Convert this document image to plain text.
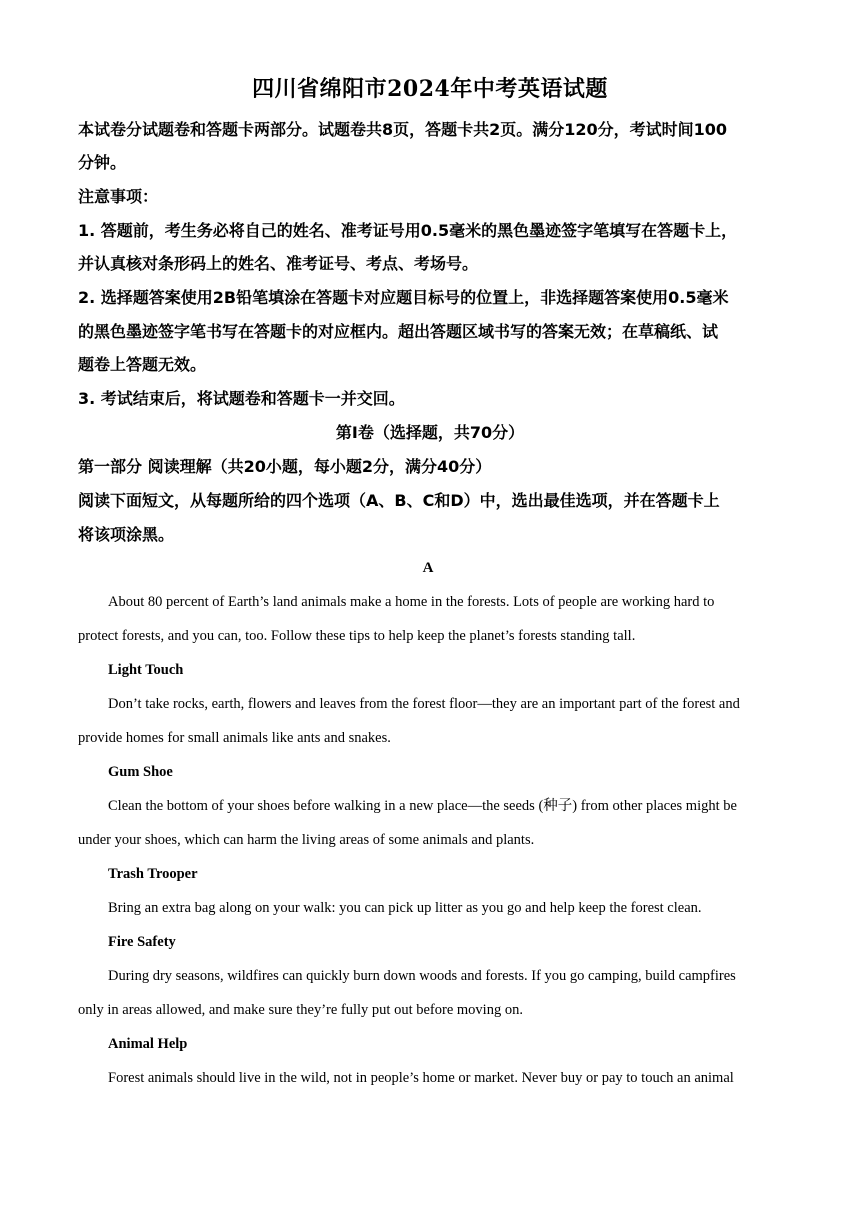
四川省绵阳市2024年中考英语试题
本试卷分试题卷和答题卡两部分。试题卷共8页，答题卡共2页。满分120分，考试时间100
分钟。
注意事项：
1. 答题前，考生务必将自己的姓名、准考证号用0.5毫米的黑色墨迹签字笔填写在答题卡上，
并认真核对条形码上的姓名、准考证号、考点、考场号。
2. 选择题答案使用2B铅笔填涂在答题卡对应题目标号的位置上，非选择题答案使用0.5毫米
的黑色墨迹签字笔书写在答题卡的对应框内。超出答题区域书写的答案无效；在草稿纸、试
题卷上答题无效。
3. 考试结束后，将试题卷和答题卡一并交回。
第Ⅰ卷（选择题，共70分）
第一部分 阅读理解（共20小题，每小题2分，满分40分）
阅读下面短文，从每题所给的四个选项（A、B、C和D）中，选出最佳选项，并在答题卡上
将该项涂黑。

A

About 80 percent of Earth’s land animals make a home in the forests. Lots of people are working hard to

protect forests, and you can, too. Follow these tips to help keep the planet’s forests standing tall.

Light Touch

Don’t take rocks, earth, flowers and leaves from the forest floor—they are an important part of the forest and

provide homes for small animals like ants and snakes.

Gum Shoe

Clean the bottom of your shoes before walking in a new place—the seeds (种子) from other places might be

under your shoes, which can harm the living areas of some animals and plants.

Trash Trooper

Bring an extra bag along on your walk: you can pick up litter as you go and help keep the forest clean.

Fire Safety

During dry seasons, wildfires can quickly burn down woods and forests. If you go camping, build campfires

only in areas allowed, and make sure they’re fully put out before moving on.

Animal Help

Forest animals should live in the wild, not in people’s home or market. Never buy or pay to touch an animal
